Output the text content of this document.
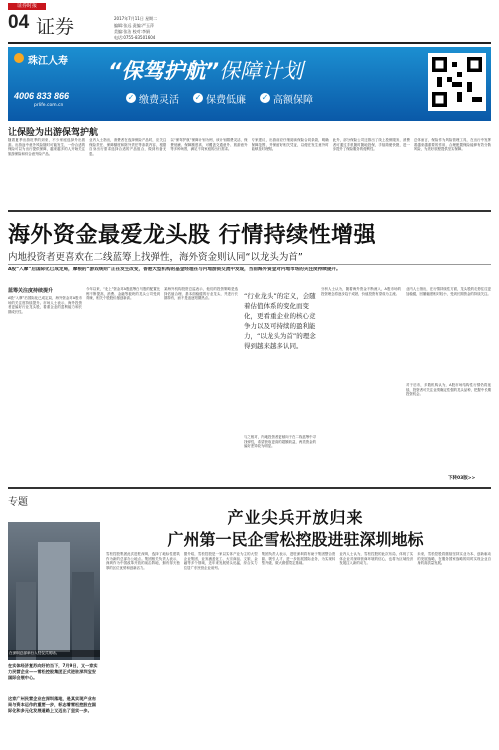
证券时报
04 证券	2017年7月11日 星期二
编辑:张远 责编:严玉萍
美编:张洁 校对:李娟
电话:0755-83501604
珠江人寿
4006 833 866
prlife.com.cn
“保驾护航”保障计划
✓ 缴费灵活 ✓ 保费低廉 ✓ 高额保障
让保险为出游保驾护航
随着夏季出游旺季的到来，不少家庭选择外出旅游。出游途中意外风险随时可能发生，一份合适的保险可以为出行提供保障，越来越多的人开始关注旅游保险和综合意外险产品。
业内人士指出，消费者在选择保险产品时，应关注保险责任、保障额度和除外责任等条款内容，根据自身出行需求选择合适的产品组合，做到有备无患。
以“保驾护航”保障计划为例，该计划缴费灵活、保费低廉、保障额度高，可覆盖交通意外、旅游意外等多种场景，满足不同家庭的出行需求。
专家建议，出游前应仔细阅读保险合同条款，明确保障范围，并保留好相关凭证，以便在发生意外时能够及时理赔。
此外，部分保险公司还推出了线上投保服务，消费者可通过手机随时随地投保，手续简便快捷，进一步提升了保险服务的便利性。
总体而言，保险作为风险管理工具，在出行中发挥着越来越重要的作用，合理配置保险能够有效分散风险，为美好旅程提供坚实保障。
海外资金最爱龙头股 行情持续性增强
内地投资者更喜欢在二线蓝筹上找弹性，海外资金则认同“以龙头为首”
A股“入摩”后国际化已成定局，摩根的“游戏规则”正在发生改变，香港大型机构的基金经理在与内地游资交流中发现，当前海外资金对内地市场的关注度持续提升。
蓝筹关注度持续提升
A股“入摩”后国际化已成定局，海外资金对A股市场的关注度持续提升。市场人士表示，海外投资者更偏好行业龙头股，看重企业的盈利能力和长期成长性。
今年以来，“北上”资金对A股蓝筹白马股的配置比例不断提高，消费、金融等板块的龙头公司受到青睐，相关个股股价屡创新高。
某海外机构投资总监表示，他们的投资策略是选择估值合理、基本面稳健的行业龙头，并进行长期持有，而不是追逐短期热点。	“行业龙头”的定义，会随着估值体系的变化而变化，更看重企业的核心竞争力以及可持续的盈利能力，“以龙头为首”的理念得到越来越多认同。
与之相对，内地投资者更倾向于在二线蓝筹中寻找弹性，希望获取更高的超额收益，两类资金的偏好差异较为明显。
分析人士认为，随着海外资金不断流入，A股市场的投资理念将逐步趋于成熟，价值投资有望成为主流。
业内人士指出，在行情持续性方面，龙头股的走势往往更加稳健，回撤幅度相对较小，受到长期资金的持续关注。
对于后市，多数机构认为，A股市场结构性行情仍将延续，投资者可关注业绩确定性强的龙头品种，把握中长期投资机会。
下转03版>>
专题
产业尖兵开放归来
广州第一民企雪松控股进驻深圳地标
在深圳总部举行入驻仪式现场。
在实体经济复苏向好的当下，7月9日，又一家实力民营企业——雪松控股集团正式进驻深圳宝安国际会展中心。
这家广州民营企业在深圳落地，是其实现产业布局与资本运作的重要一步，标志着雪松控股在国际化和多元化发展道路上又迈出了坚实一步。
雪松控股集团此次进驻深圳，选择了地标性建筑作为新的总部办公地点。集团相关负责人表示，深圳作为中国改革开放的前沿阵地，拥有得天独厚的区位优势和创新活力。
据介绍，雪松控股是一家以实体产业为主的大型企业集团，业务涵盖化工、大宗商品、文旅、金融等多个领域，近年来发展势头迅猛，综合实力位居广东民营企业前列。
集团负责人表示，进驻深圳将有助于集团整合资源、吸引人才，进一步拓展国际业务，为实现转型升级、做大做强奠定基础。
业内人士认为，雪松控股的此次布局，体现了实体企业对深圳营商环境的信心，也将为区域经济发展注入新的动力。
未来，雪松控股将继续坚持实业为本、创新驱动的发展战略，在服务国家战略的同时实现企业自身的高质量发展。
